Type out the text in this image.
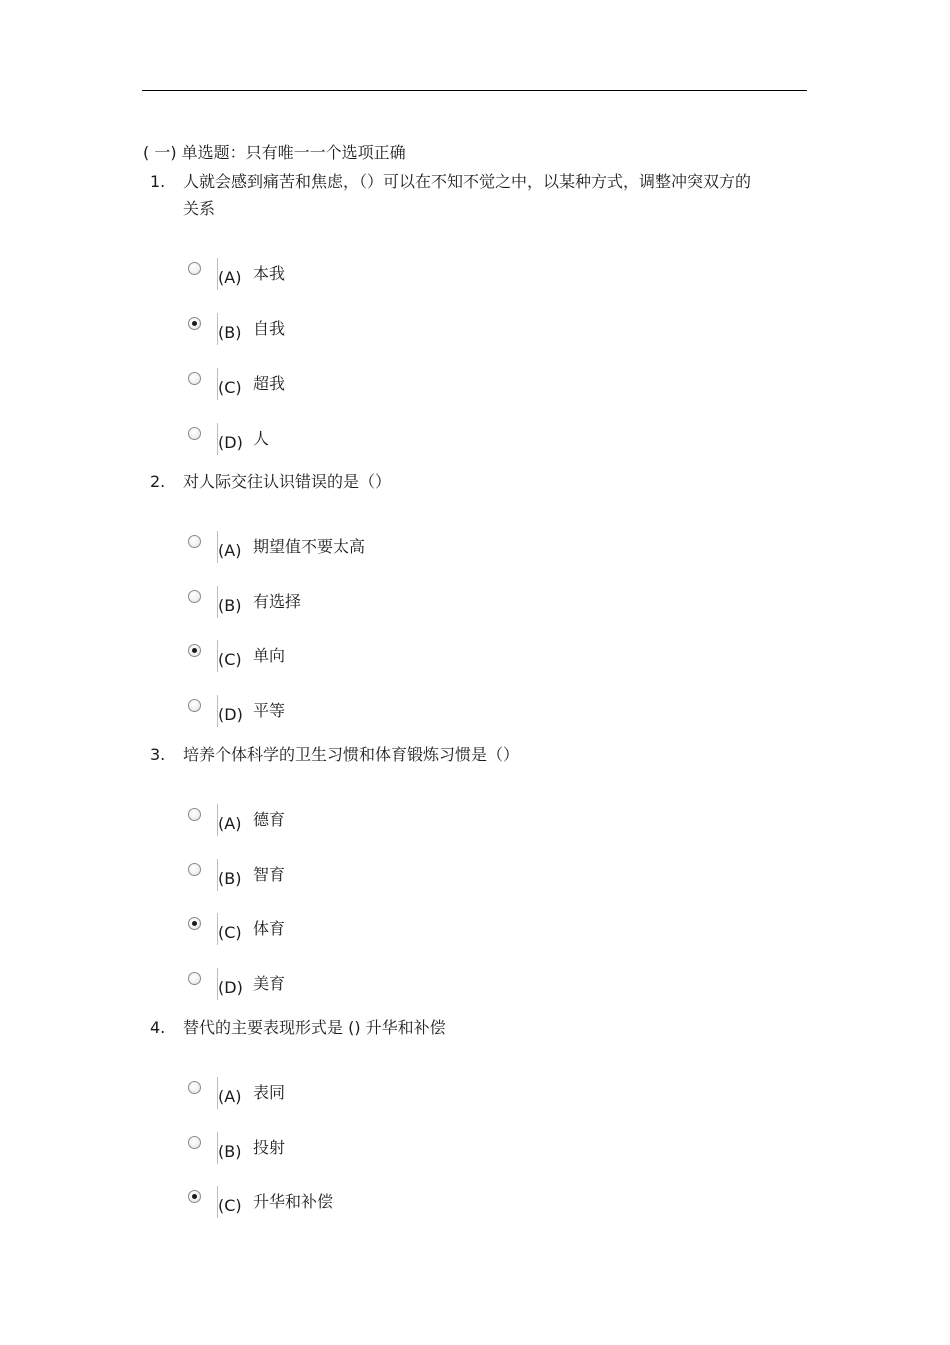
( 一) 单选题：只有唯一一个选项正确
1.	人就会感到痛苦和焦虑，（）可以在不知不觉之中，以某种方式，调整冲突双方的关系
(A) 本我
(B) 自我
(C) 超我
(D) 人
2.	对人际交往认识错误的是（）
(A) 期望值不要太高
(B) 有选择
(C) 单向
(D) 平等
3.	培养个体科学的卫生习惯和体育锻炼习惯是（）
(A) 德育
(B) 智育
(C) 体育
(D) 美育
4.	替代的主要表现形式是 () 升华和补偿
(A) 表同
(B) 投射
(C) 升华和补偿
